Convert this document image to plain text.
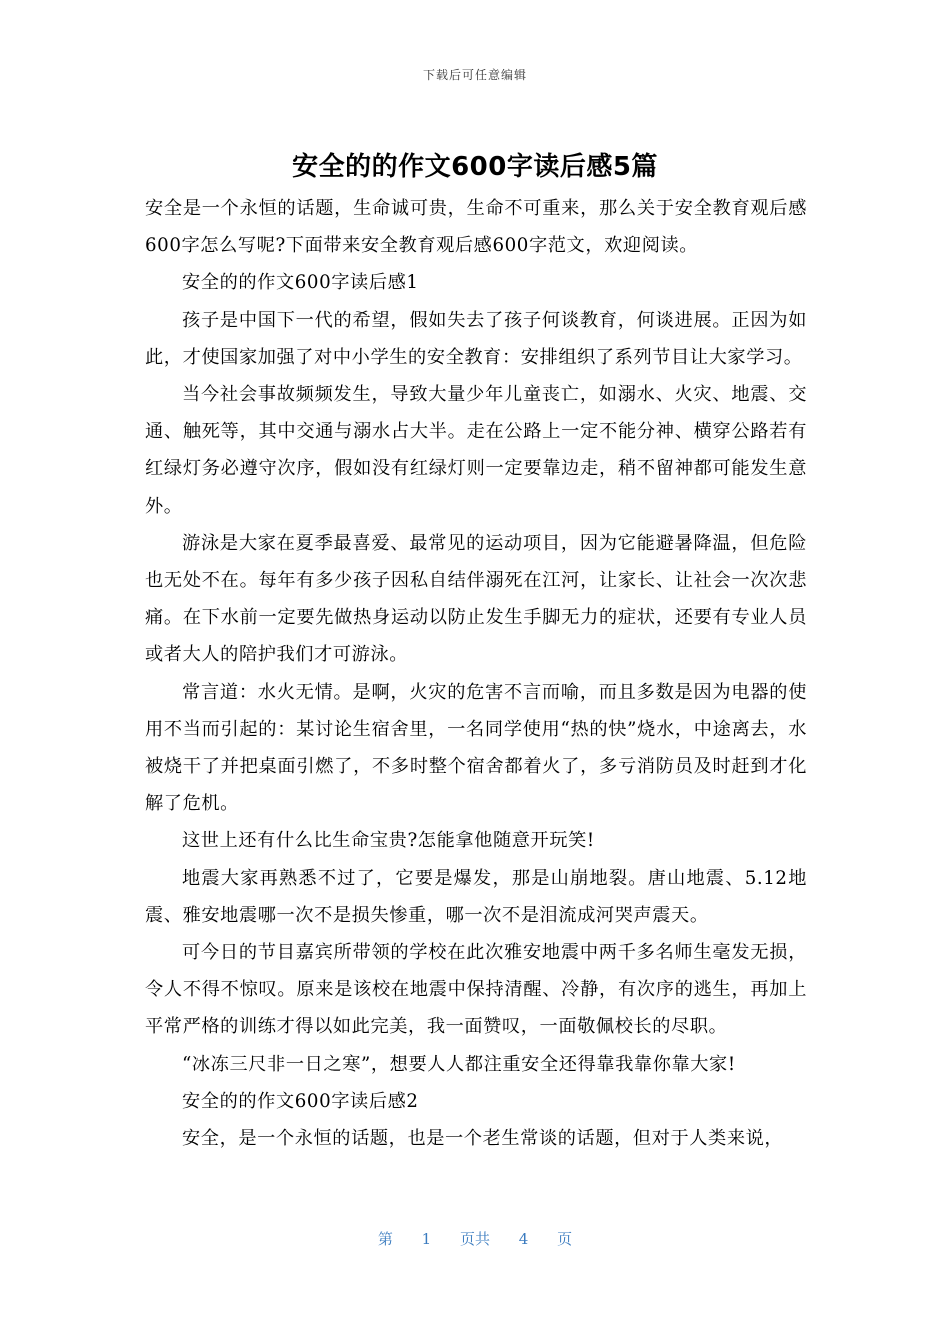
下载后可任意编辑
安全的的作文600字读后感5篇

安全是一个永恒的话题，生命诚可贵，生命不可重来，那么关于安全教育观后感600字怎么写呢?下面带来安全教育观后感600字范文，欢迎阅读。

安全的的作文600字读后感1

孩子是中国下一代的希望，假如失去了孩子何谈教育，何谈进展。正因为如此，才使国家加强了对中小学生的安全教育：安排组织了系列节目让大家学习。

当今社会事故频频发生，导致大量少年儿童丧亡，如溺水、火灾、地震、交通、触死等，其中交通与溺水占大半。走在公路上一定不能分神、横穿公路若有红绿灯务必遵守次序，假如没有红绿灯则一定要靠边走，稍不留神都可能发生意外。

游泳是大家在夏季最喜爱、最常见的运动项目，因为它能避暑降温，但危险也无处不在。每年有多少孩子因私自结伴溺死在江河，让家长、让社会一次次悲痛。在下水前一定要先做热身运动以防止发生手脚无力的症状，还要有专业人员或者大人的陪护我们才可游泳。

常言道：水火无情。是啊，火灾的危害不言而喻，而且多数是因为电器的使用不当而引起的：某讨论生宿舍里，一名同学使用“热的快”烧水，中途离去，水被烧干了并把桌面引燃了，不多时整个宿舍都着火了，多亏消防员及时赶到才化解了危机。

这世上还有什么比生命宝贵?怎能拿他随意开玩笑!

地震大家再熟悉不过了，它要是爆发，那是山崩地裂。唐山地震、5.12地震、雅安地震哪一次不是损失惨重，哪一次不是泪流成河哭声震天。

可今日的节目嘉宾所带领的学校在此次雅安地震中两千多名师生毫发无损，令人不得不惊叹。原来是该校在地震中保持清醒、冷静，有次序的逃生，再加上平常严格的训练才得以如此完美，我一面赞叹，一面敬佩校长的尽职。

“冰冻三尺非一日之寒”，想要人人都注重安全还得靠我靠你靠大家!

安全的的作文600字读后感2

安全，是一个永恒的话题，也是一个老生常谈的话题，但对于人类来说，

第 1 页共 4 页
